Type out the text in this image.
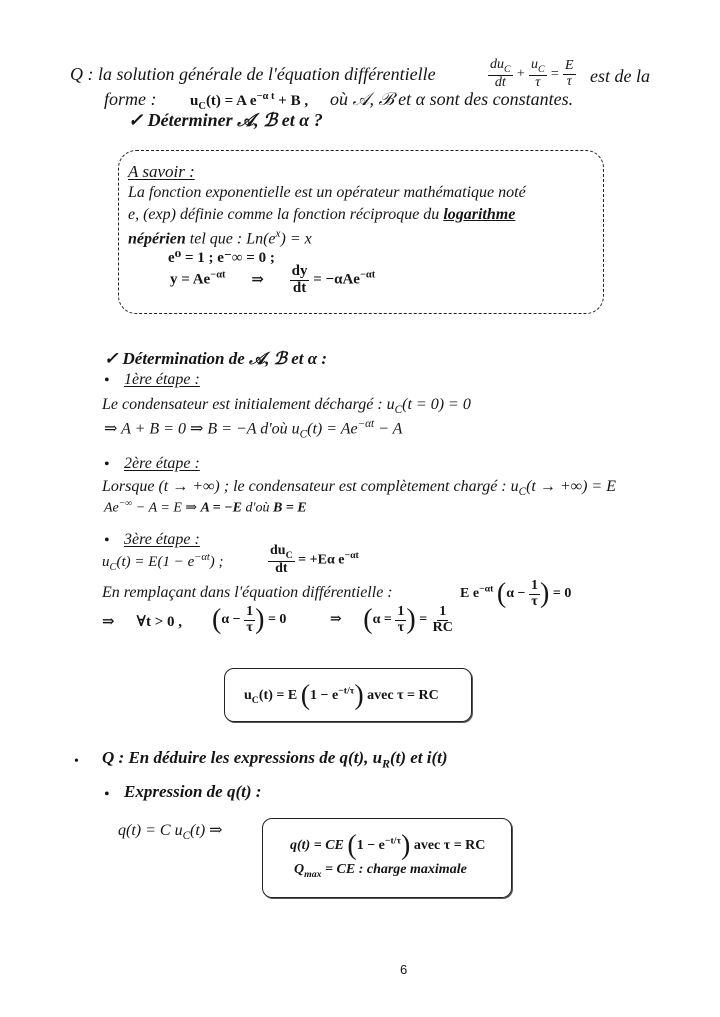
Q : la solution générale de l'équation différentielle	$\frac{du_C}{dt} + \frac{u_C}{\tau} = \frac{E}{\tau}$ est de la
forme : $u_C(t) = A$ $e^{-\alpha t} + B$ , où 𝒜, ℬ et α sont des constantes.
✓ Déterminer 𝒜, ℬ et α ?
A savoir :
La fonction exponentielle est un opérateur mathématique noté
e, (exp) définie comme la fonction réciproque du logarithme
népérien tel que : $Ln(e^x) = x$
e⁰ = 1 ; e⁻∞ = 0 ;
$y = Ae^{-\alpha t}$ ⇒ $\frac{dy}{dt} = -\alpha Ae^{-\alpha t}$
✓ Détermination de 𝒜, ℬ et α :
• 1ère étape :
Le condensateur est initialement déchargé : $u_C(t = 0) = 0$
⇒ A + B = 0 ⇒ B = −A d'où $u_C(t) = Ae^{-\alpha t} - A$
• 2ère étape :
Lorsque (t → +∞) ; le condensateur est complètement chargé : $u_C(t$ → +∞) = E
Ae−∞ − A = E ⇒ A = −E d'où B = E
• 3ère étape :
$u_C(t) = E(1 - e^{-\alpha t})$ ;	$\frac{du_C}{dt} = +E\alpha$ $e^{-\alpha t}$
En remplaçant dans l'équation différentielle :	E $e^{-\alpha t}$ ($\alpha - \frac{1}{\tau}$ ) = 0
⇒ ∀t > 0 , ($\alpha - \frac{1}{\tau}$ ) = 0	⇒ ($\alpha = \frac{1}{\tau}$ ) = $\frac{1}{RC}$
$u_C(t) = E$ $(1 - e^{-t/\tau})$ avec τ = RC
• Q : En déduire les expressions de q(t), $u_R(t)$ et i(t)
• Expression de q(t) :
q(t) = C $u_C(t)$ ⇒
q(t) = CE $(1 - e^{-t/\tau})$ avec τ = RC
$Q_{max}$ = CE : charge maximale
6
